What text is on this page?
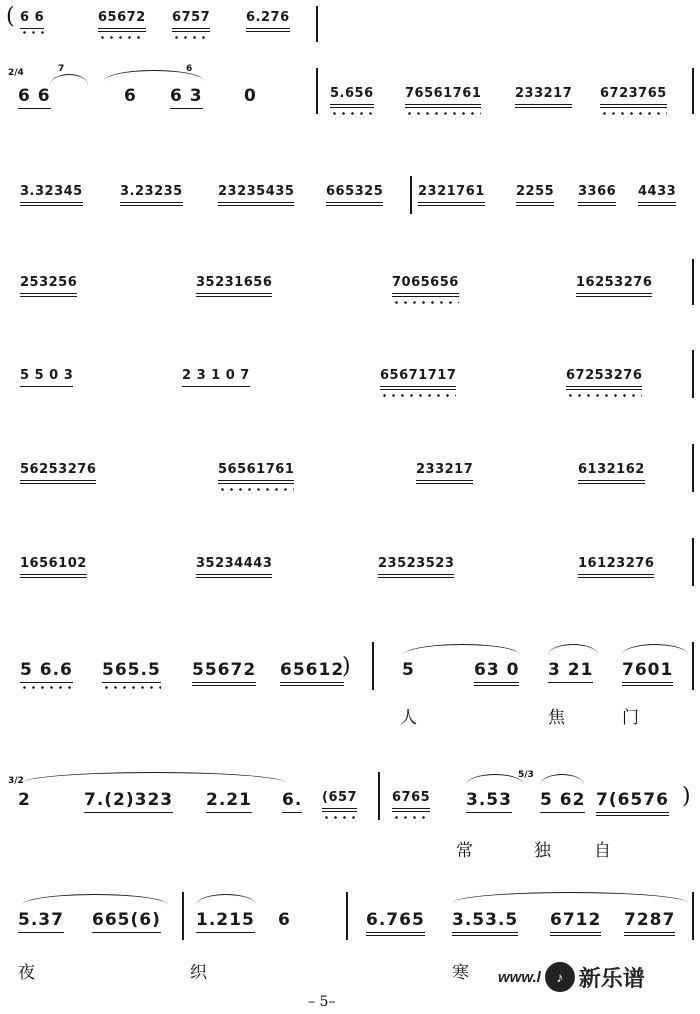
( 6 6	65672 6757	6.276
2/4	7	6
6 6	6 6 3 0	5.656 76561761	233217 6723765
3.32345	3.23235	23235435 665325	2321761 2255 3366 4433
253256	35231656	7065656	16253276
5 5 0 3	2 3 1 0 7	65671717	67253276
56253276	56561761	233217	6132162
1656102	35234443	23523523	16123276
5 6.6 565.5 55672 65612
)	5	63 0 3 21 7601
人	焦	门
3/2
2	7.(2)323 2.21 6. (657	6765
5/3
3.53 5 62 7(6576 )
常	独	自
5.37 665(6) 1.215 6	6.765 3.53.5 6712 7287
夜	织	寒
– 5–
www.l	♪ 新乐谱
